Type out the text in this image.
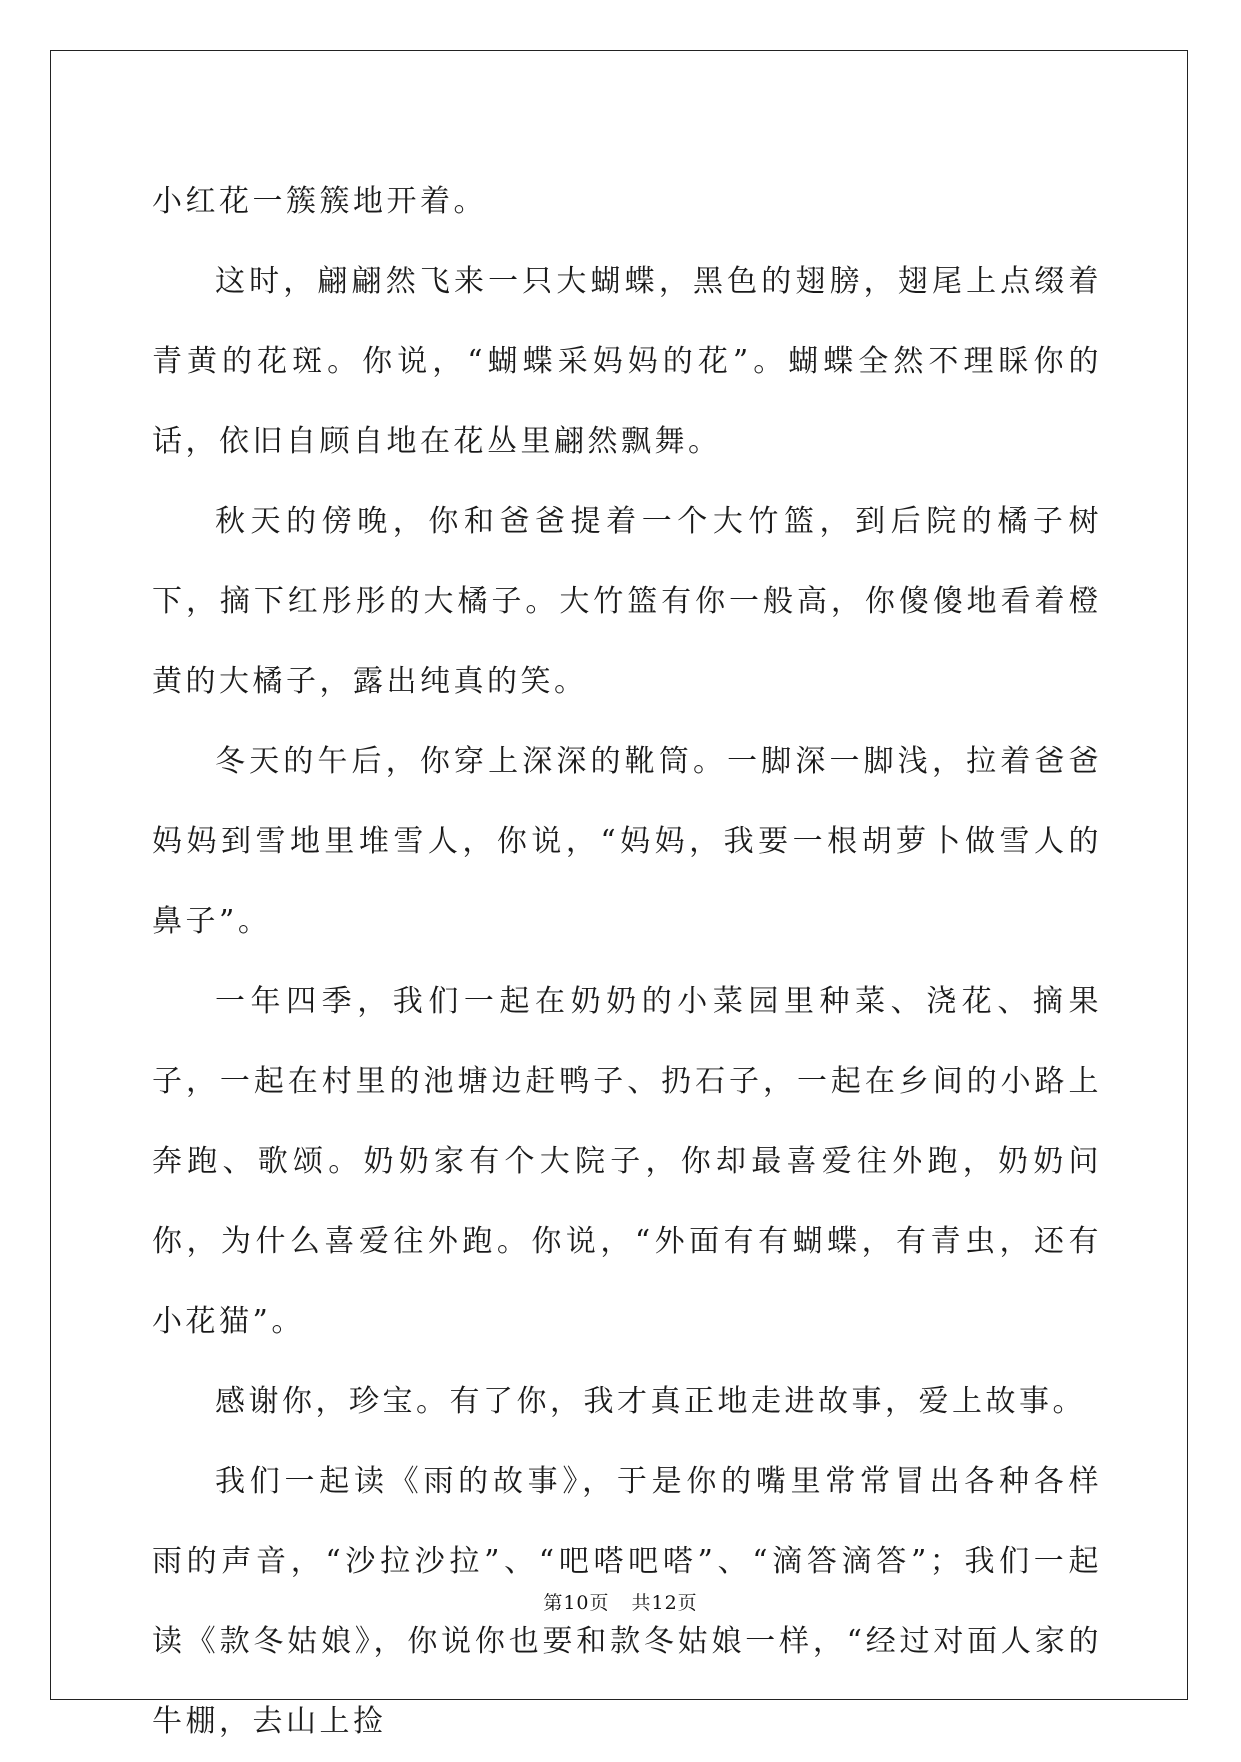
小红花一簇簇地开着。

这时，翩翩然飞来一只大蝴蝶，黑色的翅膀，翅尾上点缀着青黄的花斑。你说，“蝴蝶采妈妈的花”。蝴蝶全然不理睬你的话，依旧自顾自地在花丛里翩然飘舞。

秋天的傍晚，你和爸爸提着一个大竹篮，到后院的橘子树下，摘下红彤彤的大橘子。大竹篮有你一般高，你傻傻地看着橙黄的大橘子，露出纯真的笑。

冬天的午后，你穿上深深的靴筒。一脚深一脚浅，拉着爸爸妈妈到雪地里堆雪人，你说，“妈妈，我要一根胡萝卜做雪人的鼻子”。

一年四季，我们一起在奶奶的小菜园里种菜、浇花、摘果子，一起在村里的池塘边赶鸭子、扔石子，一起在乡间的小路上奔跑、歌颂。奶奶家有个大院子，你却最喜爱往外跑，奶奶问你，为什么喜爱往外跑。你说，“外面有有蝴蝶，有青虫，还有小花猫”。

感谢你，珍宝。有了你，我才真正地走进故事，爱上故事。

我们一起读《雨的故事》，于是你的嘴里常常冒出各种各样雨的声音，“沙拉沙拉”、“吧嗒吧嗒”、“滴答滴答”；我们一起读《款冬姑娘》，你说你也要和款冬姑娘一样，“经过对面人家的牛棚，去山上捡

第10页 共12页
